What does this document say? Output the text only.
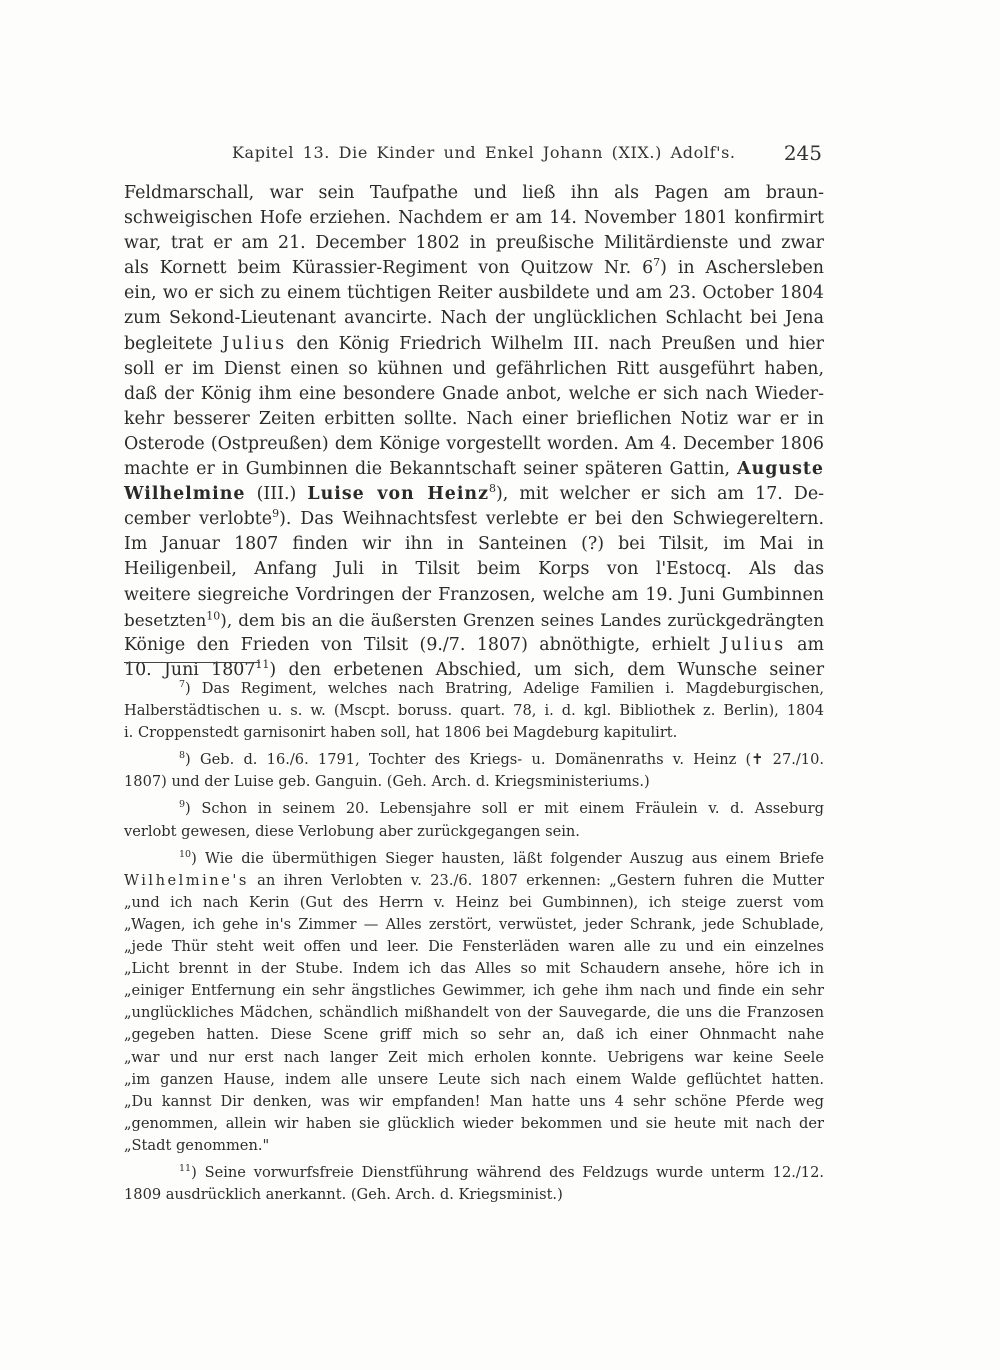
Kapitel 13. Die Kinder und Enkel Johann (XIX.) Adolf's. 245
Feldmarschall, war sein Taufpathe und ließ ihn als Pagen am braun-
schweigischen Hofe erziehen. Nachdem er am 14. November 1801 konfirmirt
war, trat er am 21. December 1802 in preußische Militärdienste und zwar
als Kornett beim Kürassier-Regiment von Quitzow Nr. $6^7$) in Aschersleben
ein, wo er sich zu einem tüchtigen Reiter ausbildete und am 23. October 1804
zum Sekond-Lieutenant avancirte. Nach der unglücklichen Schlacht bei Jena
begleitete Julius den König Friedrich Wilhelm III. nach Preußen und hier
soll er im Dienst einen so kühnen und gefährlichen Ritt ausgeführt haben,
daß der König ihm eine besondere Gnade anbot, welche er sich nach Wieder-
kehr besserer Zeiten erbitten sollte. Nach einer brieflichen Notiz war er in
Osterode (Ostpreußen) dem Könige vorgestellt worden. Am 4. December 1806
machte er in Gumbinnen die Bekanntschaft seiner späteren Gattin, Auguste
Wilhelmine (III.) Luise von Heinz$^8$), mit welcher er sich am 17. De-
cember verlobte$^9$). Das Weihnachtsfest verlebte er bei den Schwiegereltern.
Im Januar 1807 finden wir ihn in Santeinen (?) bei Tilsit, im Mai in
Heiligenbeil, Anfang Juli in Tilsit beim Korps von l'Estocq. Als das
weitere siegreiche Vordringen der Franzosen, welche am 19. Juni Gumbinnen
besetzten$^{10}$), dem bis an die äußersten Grenzen seines Landes zurückgedrängten
Könige den Frieden von Tilsit (9./7. 1807) abnöthigte, erhielt Julius am
10. Juni 1807$^{11}$) den erbetenen Abschied, um sich, dem Wunsche seiner
$^7$) Das Regiment, welches nach Bratring, Adelige Familien i. Magdeburgischen,
Halberstädtischen u. s. w. (Mscpt. boruss. quart. 78, i. d. kgl. Bibliothek z. Berlin), 1804
i. Croppenstedt garnisonirt haben soll, hat 1806 bei Magdeburg kapitulirt.
$^8$) Geb. d. 16./6. 1791, Tochter des Kriegs- u. Domänenraths v. Heinz (✝ 27./10.
1807) und der Luise geb. Ganguin. (Geh. Arch. d. Kriegsministeriums.)
$^9$) Schon in seinem 20. Lebensjahre soll er mit einem Fräulein v. d. Asseburg
verlobt gewesen, diese Verlobung aber zurückgegangen sein.
$^{10}$) Wie die übermüthigen Sieger hausten, läßt folgender Auszug aus einem Briefe
Wilhelmine's an ihren Verlobten v. 23./6. 1807 erkennen: „Gestern fuhren die Mutter
„und ich nach Kerin (Gut des Herrn v. Heinz bei Gumbinnen), ich steige zuerst vom
„Wagen, ich gehe in's Zimmer — Alles zerstört, verwüstet, jeder Schrank, jede Schublade,
„jede Thür steht weit offen und leer. Die Fensterläden waren alle zu und ein einzelnes
„Licht brennt in der Stube. Indem ich das Alles so mit Schaudern ansehe, höre ich in
„einiger Entfernung ein sehr ängstliches Gewimmer, ich gehe ihm nach und finde ein sehr
„unglückliches Mädchen, schändlich mißhandelt von der Sauvegarde, die uns die Franzosen
„gegeben hatten. Diese Scene griff mich so sehr an, daß ich einer Ohnmacht nahe
„war und nur erst nach langer Zeit mich erholen konnte. Uebrigens war keine Seele
„im ganzen Hause, indem alle unsere Leute sich nach einem Walde geflüchtet hatten.
„Du kannst Dir denken, was wir empfanden! Man hatte uns 4 sehr schöne Pferde weg
„genommen, allein wir haben sie glücklich wieder bekommen und sie heute mit nach der
„Stadt genommen."
$^{11}$) Seine vorwurfsfreie Dienstführung während des Feldzugs wurde unterm 12./12.
1809 ausdrücklich anerkannt. (Geh. Arch. d. Kriegsminist.)
